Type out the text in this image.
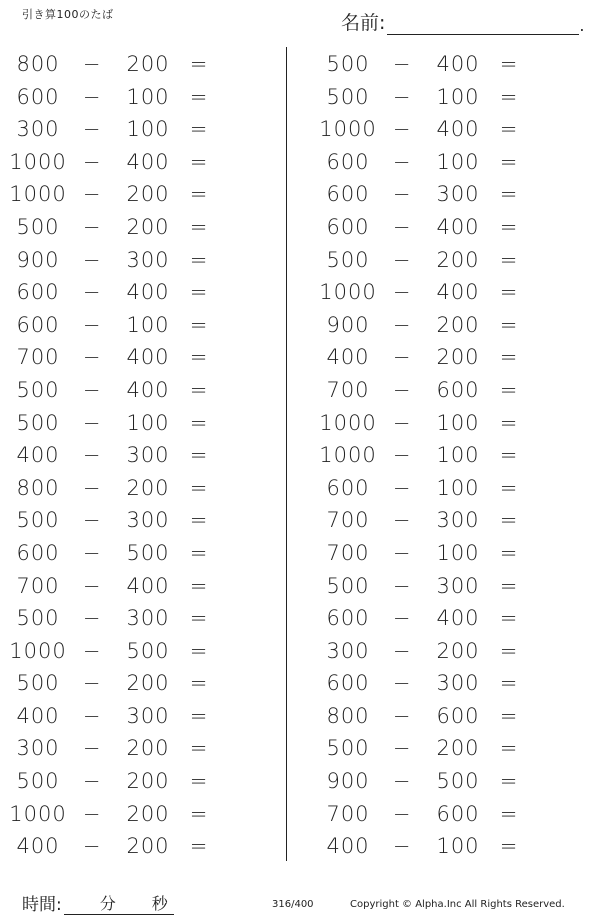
引き算100のたば	名前:	.
800	−	200 =
600	−	100 =
300	−	100 =
1000 −	400 =
1000 −	200 =
500	−	200 =
900	−	300 =
600	−	400 =
600	−	100 =
700	−	400 =
500	−	400 =
500	−	100 =
400	−	300 =
800	−	200 =
500	−	300 =
600	−	500 =
700	−	400 =
500	−	300 =
1000 −	500 =
500	−	200 =
400	−	300 =
300	−	200 =
500	−	200 =
1000 −	200 =
400	−	200 =
500	−	400 =
500	−	100 =
1000 −	400 =
600	−	100 =
600	−	300 =
600	−	400 =
500	−	200 =
1000 −	400 =
900	−	200 =
400	−	200 =
700	−	600 =
1000 −	100 =
1000 −	100 =
600	−	100 =
700	−	300 =
700	−	100 =
500	−	300 =
600	−	400 =
300	−	200 =
600	−	300 =
800	−	600 =
500	−	200 =
900	−	500 =
700	−	600 =
400	−	100 =
時間: 分 秒	316/400	Copyright © Alpha.Inc All Rights Reserved.
